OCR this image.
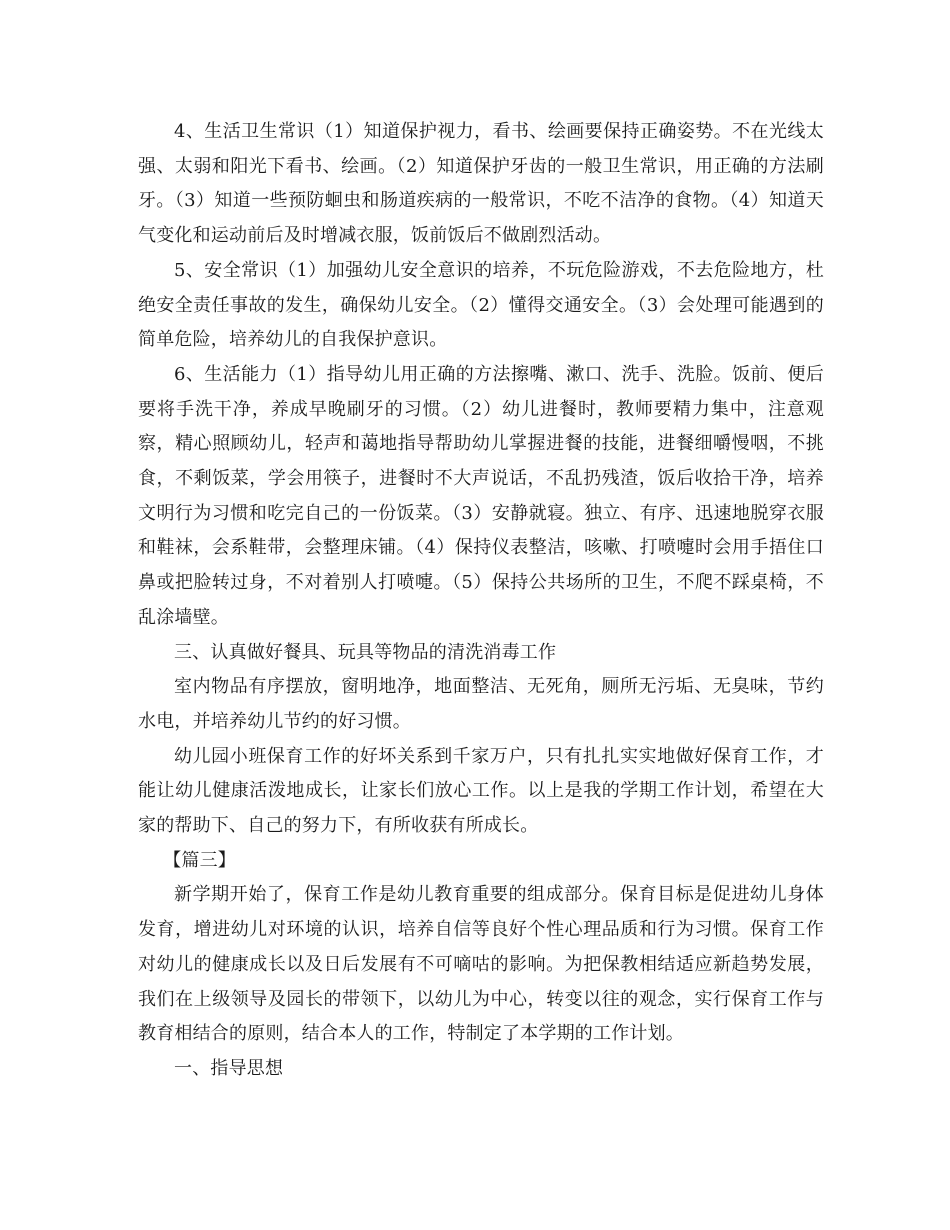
4、生活卫生常识（1）知道保护视力，看书、绘画要保持正确姿势。不在光线太强、太弱和阳光下看书、绘画。（2）知道保护牙齿的一般卫生常识，用正确的方法刷牙。（3）知道一些预防蛔虫和肠道疾病的一般常识，不吃不洁净的食物。（4）知道天气变化和运动前后及时增减衣服，饭前饭后不做剧烈活动。

5、安全常识（1）加强幼儿安全意识的培养，不玩危险游戏，不去危险地方，杜绝安全责任事故的发生，确保幼儿安全。（2）懂得交通安全。（3）会处理可能遇到的简单危险，培养幼儿的自我保护意识。

6、生活能力（1）指导幼儿用正确的方法擦嘴、漱口、洗手、洗脸。饭前、便后要将手洗干净，养成早晚刷牙的习惯。（2）幼儿进餐时，教师要精力集中，注意观察，精心照顾幼儿，轻声和蔼地指导帮助幼儿掌握进餐的技能，进餐细嚼慢咽，不挑食，不剩饭菜，学会用筷子，进餐时不大声说话，不乱扔残渣，饭后收拾干净，培养文明行为习惯和吃完自己的一份饭菜。（3）安静就寝。独立、有序、迅速地脱穿衣服和鞋袜，会系鞋带，会整理床铺。（4）保持仪表整洁，咳嗽、打喷嚏时会用手捂住口鼻或把脸转过身，不对着别人打喷嚏。（5）保持公共场所的卫生，不爬不踩桌椅，不乱涂墙壁。

三、认真做好餐具、玩具等物品的清洗消毒工作

室内物品有序摆放，窗明地净，地面整洁、无死角，厕所无污垢、无臭味，节约水电，并培养幼儿节约的好习惯。

幼儿园小班保育工作的好坏关系到千家万户，只有扎扎实实地做好保育工作，才能让幼儿健康活泼地成长，让家长们放心工作。以上是我的学期工作计划，希望在大家的帮助下、自己的努力下，有所收获有所成长。

【篇三】

新学期开始了，保育工作是幼儿教育重要的组成部分。保育目标是促进幼儿身体发育，增进幼儿对环境的认识，培养自信等良好个性心理品质和行为习惯。保育工作对幼儿的健康成长以及日后发展有不可嘀咕的影响。为把保教相结适应新趋势发展，我们在上级领导及园长的带领下，以幼儿为中心，转变以往的观念，实行保育工作与教育相结合的原则，结合本人的工作，特制定了本学期的工作计划。

一、指导思想
